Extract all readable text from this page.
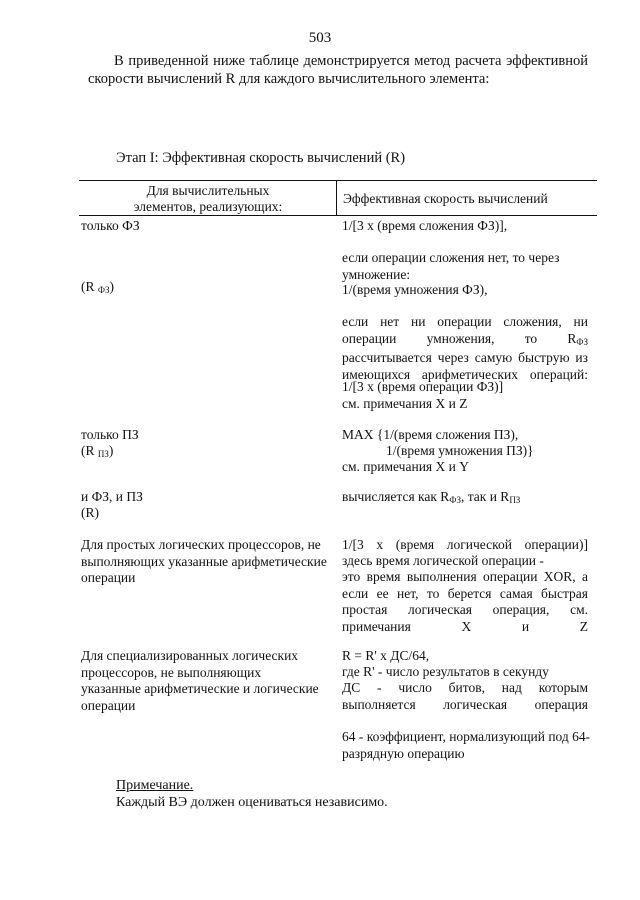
503
В приведенной ниже таблице демонстрируется метод расчета эффективной скорости вычислений R для каждого вычислительного элемента:
Этап I: Эффективная скорость вычислений (R)
Для вычислительных
элементов, реализующих:
Эффективная скорость вычислений
только ФЗ
(R $_{ФЗ}$)
1/[3 x (время сложения ФЗ)],
если операции сложения нет, то через умножение:
1/(время умножения ФЗ),
если нет ни операции сложения, ни операции умножения, то $R_{ФЗ}$ рассчитывается через самую быструю из имеющихся арифметических операций:
1/[3 x (время операции ФЗ)]
см. примечания X и Z
только ПЗ
(R $_{ПЗ}$)
MAX {1/(время сложения ПЗ),
1/(время умножения ПЗ)}
см. примечания X и Y
и ФЗ, и ПЗ
(R)
вычисляется как $R_{ФЗ}$, так и $R_{ПЗ}$
Для простых логических процессоров, не выполняющих указанные арифметические операции
1/[3 x (время логической операции)]
здесь время логической операции -
это время выполнения операции XOR, а если ее нет, то берется самая быстрая простая логическая операция, см. примечания X и Z
Для специализированных логических процессоров, не выполняющих указанные арифметические и логические операции
R = R' x ДС/64,
где R' - число результатов в секунду
ДС - число битов, над которым выполняется логическая операция
64 - коэффициент, нормализующий под 64-разрядную операцию
Примечание.
Каждый ВЭ должен оцениваться независимо.
